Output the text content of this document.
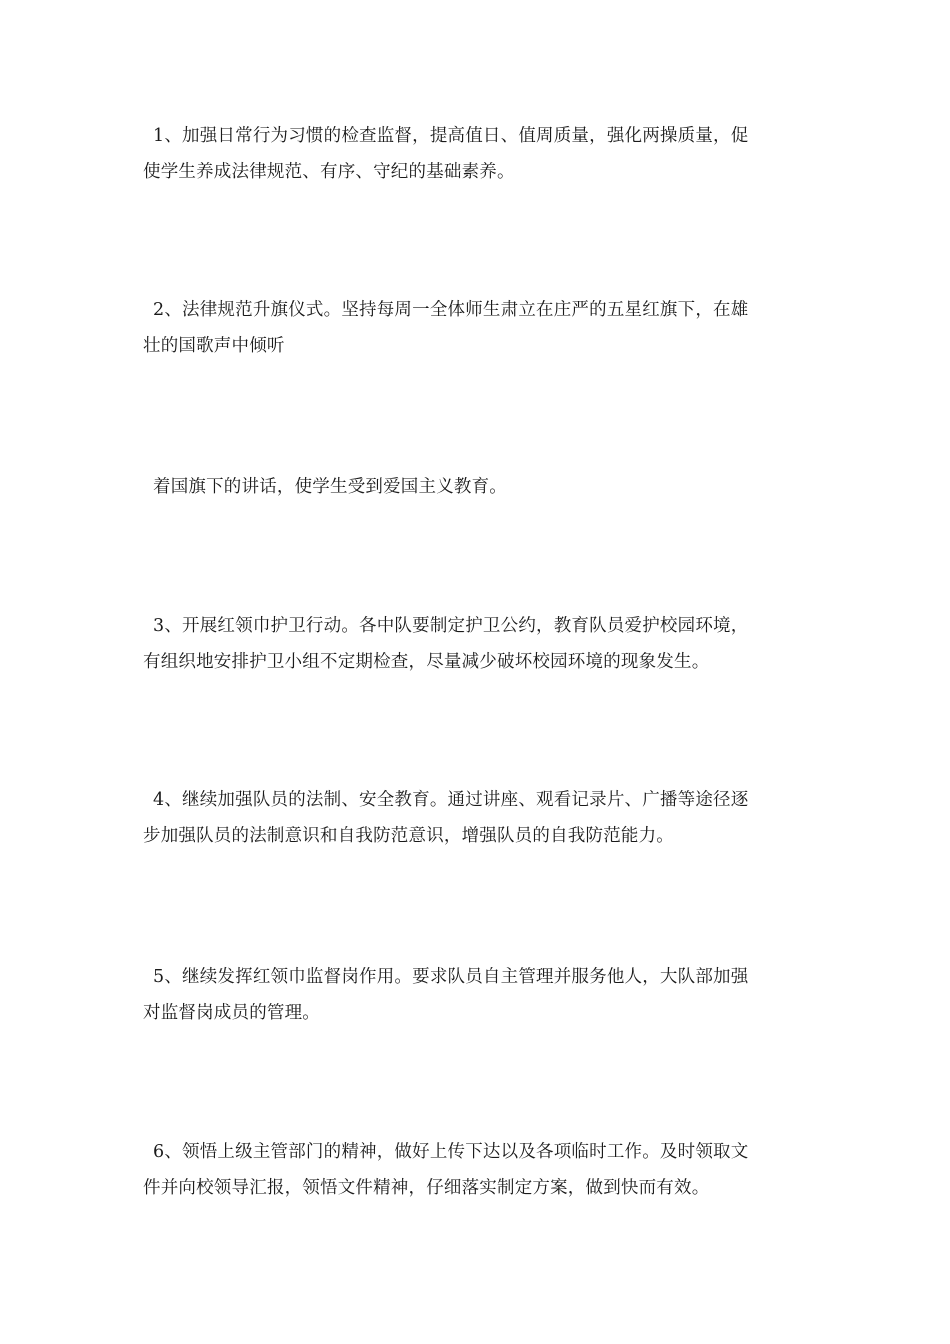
1、加强日常行为习惯的检查监督，提高值日、值周质量，强化两操质量，促
使学生养成法律规范、有序、守纪的基础素养。

2、法律规范升旗仪式。坚持每周一全体师生肃立在庄严的五星红旗下，在雄
壮的国歌声中倾听

着国旗下的讲话，使学生受到爱国主义教育。

3、开展红领巾护卫行动。各中队要制定护卫公约，教育队员爱护校园环境，
有组织地安排护卫小组不定期检查，尽量减少破坏校园环境的现象发生。

4、继续加强队员的法制、安全教育。通过讲座、观看记录片、广播等途径逐
步加强队员的法制意识和自我防范意识，增强队员的自我防范能力。

5、继续发挥红领巾监督岗作用。要求队员自主管理并服务他人，大队部加强
对监督岗成员的管理。

6、领悟上级主管部门的精神，做好上传下达以及各项临时工作。及时领取文
件并向校领导汇报，领悟文件精神，仔细落实制定方案，做到快而有效。
